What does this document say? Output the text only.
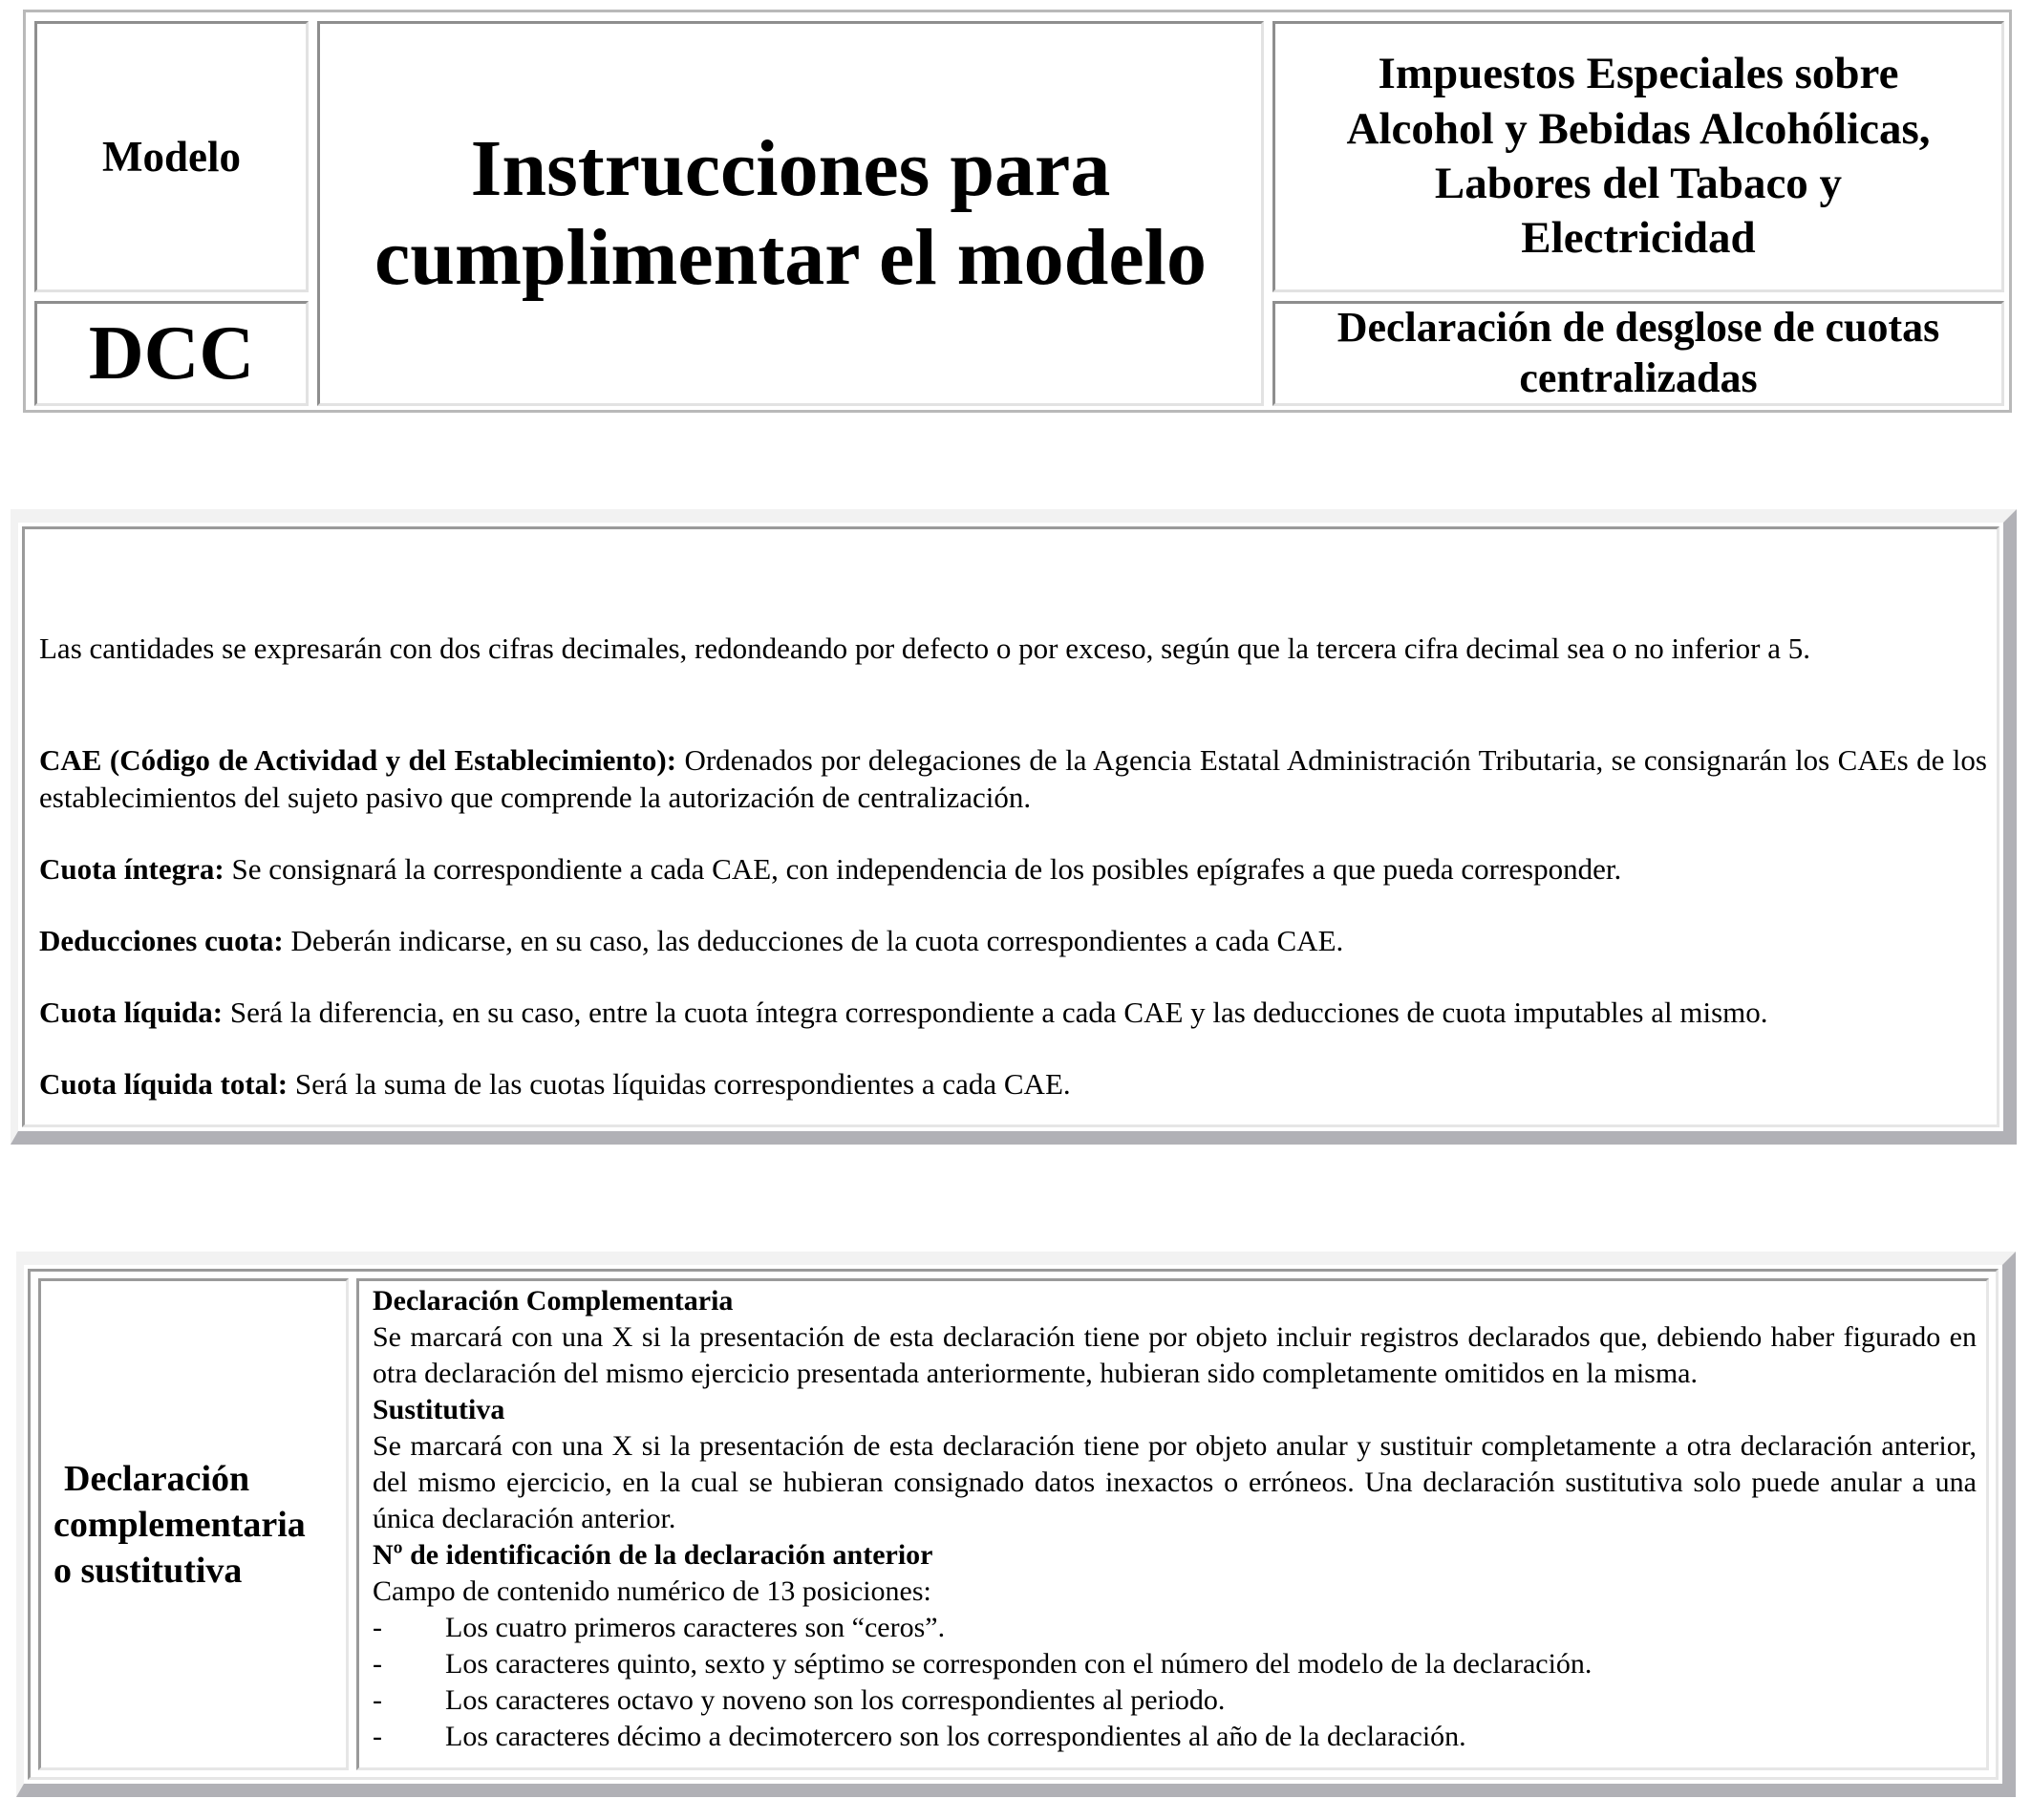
Modelo
DCC
Instrucciones para
cumplimentar el modelo
Impuestos Especiales sobre
Alcohol y Bebidas Alcohólicas,
Labores del Tabaco y
Electricidad
Declaración de desglose de cuotas
centralizadas

Las cantidades se expresarán con dos cifras decimales, redondeando por defecto o por exceso, según que la tercera cifra decimal sea o no inferior a 5.

CAE (Código de Actividad y del Establecimiento): Ordenados por delegaciones de la Agencia Estatal Administración Tributaria, se consignarán los CAEs de los establecimientos del sujeto pasivo que comprende la autorización de centralización.

Cuota íntegra: Se consignará la correspondiente a cada CAE, con independencia de los posibles epígrafes a que pueda corresponder.

Deducciones cuota: Deberán indicarse, en su caso, las deducciones de la cuota correspondientes a cada CAE.

Cuota líquida: Será la diferencia, en su caso, entre la cuota íntegra correspondiente a cada CAE y las deducciones de cuota imputables al mismo.

Cuota líquida total: Será la suma de las cuotas líquidas correspondientes a cada CAE.

Declaración
complementaria
o sustitutiva

Declaración Complementaria

Se marcará con una X si la presentación de esta declaración tiene por objeto incluir registros declarados que, debiendo haber figurado en otra declaración del mismo ejercicio presentada anteriormente, hubieran sido completamente omitidos en la misma.

Sustitutiva

Se marcará con una X si la presentación de esta declaración tiene por objeto anular y sustituir completamente a otra declaración anterior, del mismo ejercicio, en la cual se hubieran consignado datos inexactos o erróneos. Una declaración sustitutiva solo puede anular a una única declaración anterior.

Nº de identificación de la declaración anterior

Campo de contenido numérico de 13 posiciones:

-	Los cuatro primeros caracteres son “ceros”.
-	Los caracteres quinto, sexto y séptimo se corresponden con el número del modelo de la declaración.
-	Los caracteres octavo y noveno son los correspondientes al periodo.
-	Los caracteres décimo a decimotercero son los correspondientes al año de la declaración.
